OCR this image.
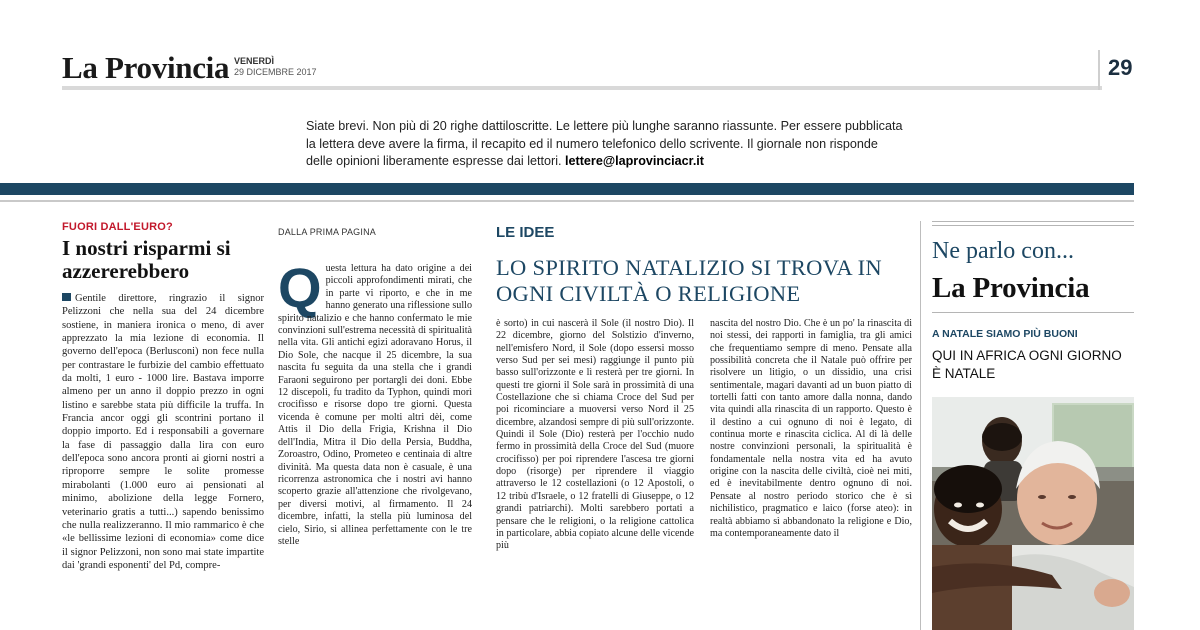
La Provincia VENERDÌ
29 DICEMBRE 2017	29
Siate brevi. Non più di 20 righe dattiloscritte. Le lettere più lunghe saranno riassunte. Per essere pubblicata la lettera deve avere la firma, il recapito ed il numero telefonico dello scrivente. Il giornale non risponde delle opinioni liberamente espresse dai lettori. lettere@laprovinciacr.it
FUORI DALL'EURO?
I nostri risparmi si azzererebbero
Gentile direttore, ringrazio il signor Pelizzoni che nella sua del 24 dicembre sostiene, in maniera ironica o meno, di aver apprezzato la mia lezione di economia. Il governo dell'epoca (Berlusconi) non fece nulla per contrastare le furbizie del cambio effettuato da molti, 1 euro - 1000 lire. Bastava imporre almeno per un anno il doppio prezzo in ogni listino e sarebbe stata più difficile la truffa. In Francia ancor oggi gli scontrini portano il doppio importo. Ed i responsabili a governare la fase di passaggio dalla lira con euro dell'epoca sono ancora pronti ai giorni nostri a riproporre sempre le solite promesse mirabolanti (1.000 euro ai pensionati al minimo, abolizione della legge Fornero, veterinario gratis a tutti...) sapendo benissimo che nulla realizzeranno. Il mio rammarico è che «le bellissime lezioni di economia» come dice il signor Pelizzoni, non sono mai state impartite dai 'grandi esponenti' del Pd, compre-
DALLA PRIMA PAGINA
Questa lettura ha dato origine a dei piccoli approfondimenti mirati, che in parte vi riporto, e che in me hanno generato una riflessione sullo spirito natalizio e che hanno confermato le mie convinzioni sull'estrema necessità di spiritualità nella vita. Gli antichi egizi adoravano Horus, il Dio Sole, che nacque il 25 dicembre, la sua nascita fu seguita da una stella che i grandi Faraoni seguirono per portargli dei doni. Ebbe 12 discepoli, fu tradito da Typhon, quindi morì crocifisso e risorse dopo tre giorni. Questa vicenda è comune per molti altri dèi, come Attis il Dio della Frigia, Krishna il Dio dell'India, Mitra il Dio della Persia, Buddha, Zoroastro, Odino, Prometeo e centinaia di altre divinità. Ma questa data non è casuale, è una ricorrenza astronomica che i nostri avi hanno scoperto grazie all'attenzione che rivolgevano, per diversi motivi, al firmamento. Il 24 dicembre, infatti, la stella più luminosa del cielo, Sirio, si allinea perfettamente con le tre stelle
LE IDEE
LO SPIRITO NATALIZIO SI TROVA IN OGNI CIVILTÀ O RELIGIONE
è sorto) in cui nascerà il Sole (il nostro Dio). Il 22 dicembre, giorno del Solstizio d'inverno, nell'emisfero Nord, il Sole (dopo essersi mosso verso Sud per sei mesi) raggiunge il punto più basso sull'orizzonte e lì resterà per tre giorni. In questi tre giorni il Sole sarà in prossimità di una Costellazione che si chiama Croce del Sud per poi ricominciare a muoversi verso Nord il 25 dicembre, alzandosi sempre di più sull'orizzonte. Quindi il Sole (Dio) resterà per l'occhio nudo fermo in prossimità della Croce del Sud (muore crocifisso) per poi riprendere l'ascesa tre giorni dopo (risorge) per riprendere il viaggio attraverso le 12 costellazioni (o 12 Apostoli, o 12 tribù d'Israele, o 12 fratelli di Giuseppe, o 12 grandi patriarchi). Molti sarebbero portati a pensare che le religioni, o la religione cattolica in particolare, abbia copiato alcune delle vicende più
nascita del nostro Dio. Che è un po' la rinascita di noi stessi, dei rapporti in famiglia, tra gli amici che frequentiamo sempre di meno. Pensate alla possibilità concreta che il Natale può offrire per risolvere un litigio, o un dissidio, una crisi sentimentale, magari davanti ad un buon piatto di tortelli fatti con tanto amore dalla nonna, dando vita quindi alla rinascita di un rapporto. Questo è il destino a cui ognuno di noi è legato, di continua morte e rinascita ciclica. Al di là delle nostre convinzioni personali, la spiritualità è fondamentale nella nostra vita ed ha avuto origine con la nascita delle civiltà, cioè nei miti, ed è inevitabilmente dentro ognuno di noi. Pensate al nostro periodo storico che è sì nichilistico, pragmatico e laico (forse ateo): in realtà abbiamo sì abbandonato la religione e Dio, ma contemporaneamente dato il
Ne parlo con...
La Provincia
A NATALE SIAMO PIÙ BUONI
QUI IN AFRICA OGNI GIORNO È NATALE
